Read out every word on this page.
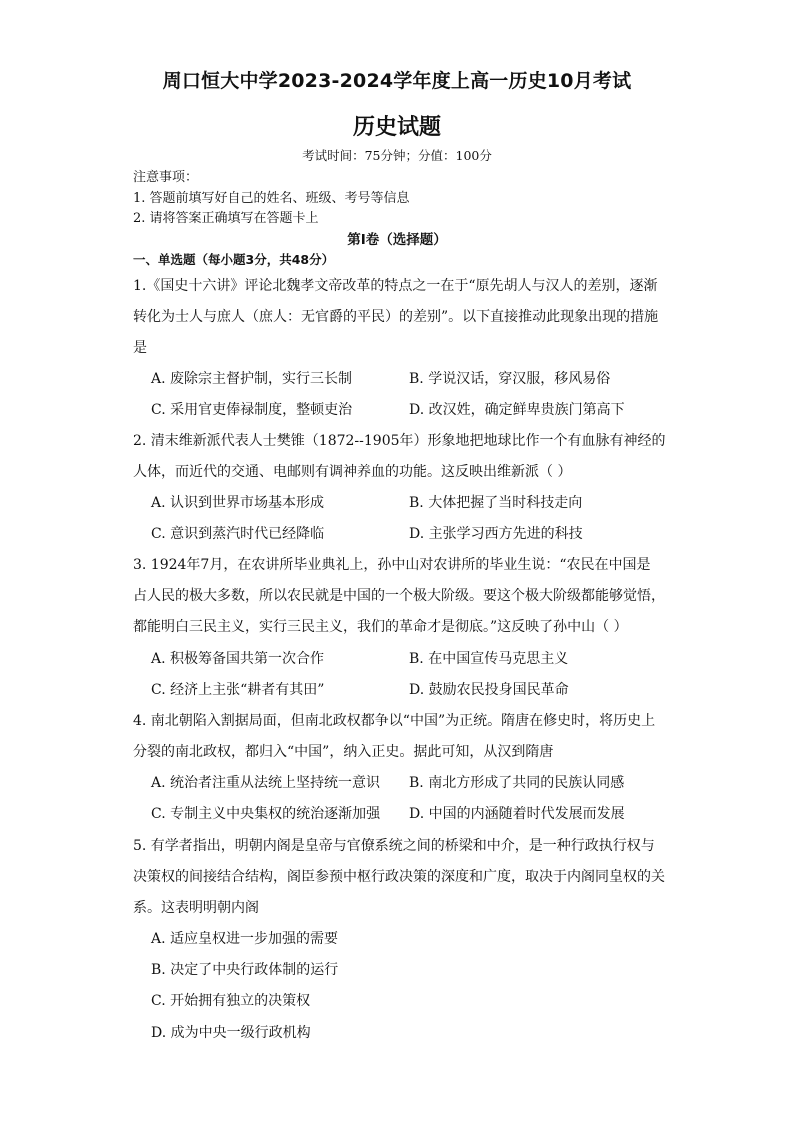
周口恒大中学2023-2024学年度上高一历史10月考试
历史试题
考试时间：75分钟；分值：100分
注意事项：
1. 答题前填写好自己的姓名、班级、考号等信息
2. 请将答案正确填写在答题卡上
第I卷（选择题）
一、单选题（每小题3分，共48分）
1.《国史十六讲》评论北魏孝文帝改革的特点之一在于“原先胡人与汉人的差别，逐渐
转化为士人与庶人（庶人：无官爵的平民）的差别”。以下直接推动此现象出现的措施
是
A. 废除宗主督护制，实行三长制	B. 学说汉话，穿汉服，移风易俗
C. 采用官吏俸禄制度，整顿吏治	D. 改汉姓，确定鲜卑贵族门第高下
2. 清末维新派代表人士樊锥（1872--1905年）形象地把地球比作一个有血脉有神经的
人体，而近代的交通、电邮则有调神养血的功能。这反映出维新派（ ）
A. 认识到世界市场基本形成	B. 大体把握了当时科技走向
C. 意识到蒸汽时代已经降临	D. 主张学习西方先进的科技
3. 1924年7月，在农讲所毕业典礼上，孙中山对农讲所的毕业生说：“农民在中国是
占人民的极大多数，所以农民就是中国的一个极大阶级。要这个极大阶级都能够觉悟，
都能明白三民主义，实行三民主义，我们的革命才是彻底。”这反映了孙中山（ ）
A. 积极筹备国共第一次合作	B. 在中国宣传马克思主义
C. 经济上主张“耕者有其田”	D. 鼓励农民投身国民革命
4. 南北朝陷入割据局面，但南北政权都争以“中国”为正统。隋唐在修史时，将历史上
分裂的南北政权，都归入“中国”，纳入正史。据此可知，从汉到隋唐
A. 统治者注重从法统上坚持统一意识 B. 南北方形成了共同的民族认同感
C. 专制主义中央集权的统治逐渐加强 D. 中国的内涵随着时代发展而发展
5. 有学者指出，明朝内阁是皇帝与官僚系统之间的桥梁和中介，是一种行政执行权与
决策权的间接结合结构，阁臣参预中枢行政决策的深度和广度，取决于内阁同皇权的关
系。这表明明朝内阁
A. 适应皇权进一步加强的需要
B. 决定了中央行政体制的运行
C. 开始拥有独立的决策权
D. 成为中央一级行政机构
